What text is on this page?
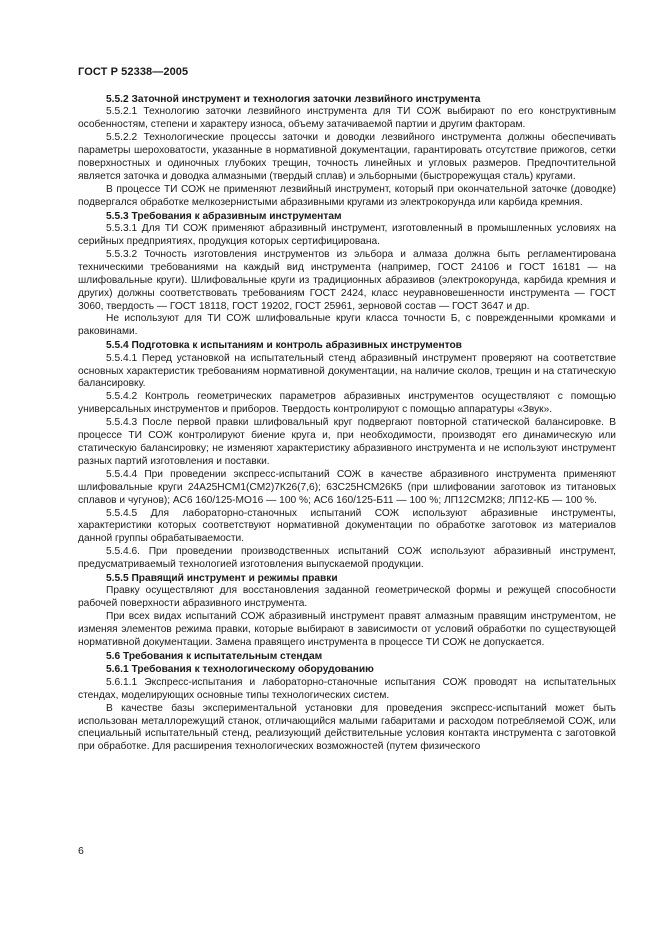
ГОСТ Р 52338—2005
5.5.2 Заточной инструмент и технология заточки лезвийного инструмента

5.5.2.1 Технологию заточки лезвийного инструмента для ТИ СОЖ выбирают по его конструктивным особенностям, степени и характеру износа, объему затачиваемой партии и другим факторам.

5.5.2.2 Технологические процессы заточки и доводки лезвийного инструмента должны обеспечивать параметры шероховатости, указанные в нормативной документации, гарантировать отсутствие прижогов, сетки поверхностных и одиночных глубоких трещин, точность линейных и угловых размеров. Предпочтительной является заточка и доводка алмазными (твердый сплав) и эльборными (быстрорежущая сталь) кругами.

В процессе ТИ СОЖ не применяют лезвийный инструмент, который при окончательной заточке (доводке) подвергался обработке мелкозернистыми абразивными кругами из электрокорунда или карбида кремния.

5.5.3 Требования к абразивным инструментам

5.5.3.1 Для ТИ СОЖ применяют абразивный инструмент, изготовленный в промышленных условиях на серийных предприятиях, продукция которых сертифицирована.

5.5.3.2 Точность изготовления инструментов из эльбора и алмаза должна быть регламентирована техническими требованиями на каждый вид инструмента (например, ГОСТ 24106 и ГОСТ 16181 — на шлифовальные круги). Шлифовальные круги из традиционных абразивов (электрокорунда, карбида кремния и других) должны соответствовать требованиям ГОСТ 2424, класс неуравновешенности инструмента — ГОСТ 3060, твердость — ГОСТ 18118, ГОСТ 19202, ГОСТ 25961, зерновой состав — ГОСТ 3647 и др.

Не используют для ТИ СОЖ шлифовальные круги класса точности Б, с поврежденными кромками и раковинами.

5.5.4 Подготовка к испытаниям и контроль абразивных инструментов

5.5.4.1 Перед установкой на испытательный стенд абразивный инструмент проверяют на соответствие основных характеристик требованиям нормативной документации, на наличие сколов, трещин и на статическую балансировку.

5.5.4.2 Контроль геометрических параметров абразивных инструментов осуществляют с помощью универсальных инструментов и приборов. Твердость контролируют с помощью аппаратуры «Звук».

5.5.4.3 После первой правки шлифовальный круг подвергают повторной статической балансировке. В процессе ТИ СОЖ контролируют биение круга и, при необходимости, производят его динамическую или статическую балансировку; не изменяют характеристику абразивного инструмента и не используют инструмент разных партий изготовления и поставки.

5.5.4.4 При проведении экспресс-испытаний СОЖ в качестве абразивного инструмента применяют шлифовальные круги 24А25НСМ1(СМ2)7К26(7,6); 63С25НСМ26К5 (при шлифовании заготовок из титановых сплавов и чугунов); АС6 160/125-МО16 — 100 %; АС6 160/125-Б11 — 100 %; ЛП12СМ2К8; ЛП12-КБ — 100 %.

5.5.4.5 Для лабораторно-станочных испытаний СОЖ используют абразивные инструменты, характеристики которых соответствуют нормативной документации по обработке заготовок из материалов данной группы обрабатываемости.

5.5.4.6. При проведении производственных испытаний СОЖ используют абразивный инструмент, предусматриваемый технологией изготовления выпускаемой продукции.

5.5.5 Правящий инструмент и режимы правки

Правку осуществляют для восстановления заданной геометрической формы и режущей способности рабочей поверхности абразивного инструмента.

При всех видах испытаний СОЖ абразивный инструмент правят алмазным правящим инструментом, не изменяя элементов режима правки, которые выбирают в зависимости от условий обработки по существующей нормативной документации. Замена правящего инструмента в процессе ТИ СОЖ не допускается.

5.6 Требования к испытательным стендам
5.6.1 Требования к технологическому оборудованию

5.6.1.1 Экспресс-испытания и лабораторно-станочные испытания СОЖ проводят на испытательных стендах, моделирующих основные типы технологических систем.

В качестве базы экспериментальной установки для проведения экспресс-испытаний может быть использован металлорежущий станок, отличающийся малыми габаритами и расходом потребляемой СОЖ, или специальный испытательный стенд, реализующий действительные условия контакта инструмента с заготовкой при обработке. Для расширения технологических возможностей (путем физического

6
